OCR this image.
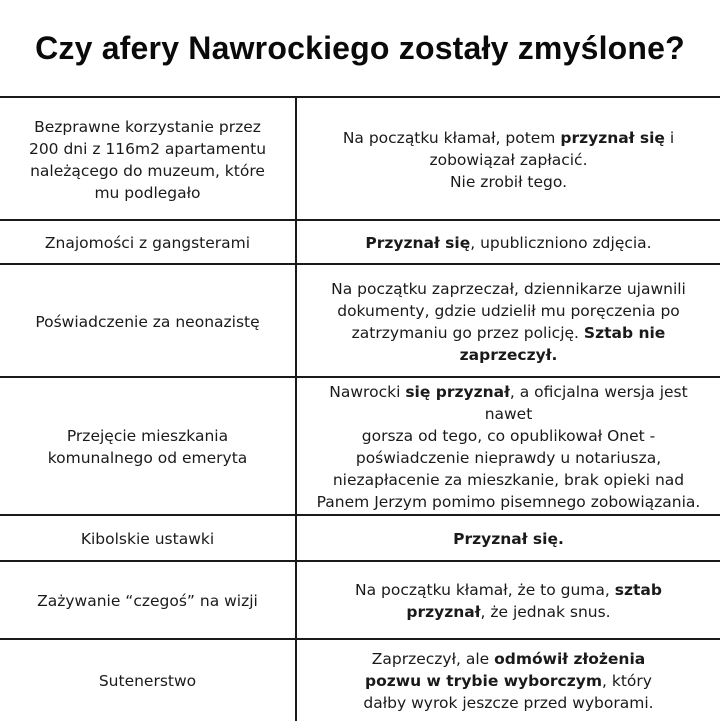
Czy afery Nawrockiego zostały zmyślone?
Bezprawne korzystanie przez
200 dni z 116m2 apartamentu
należącego do muzeum, które
mu podlegało
Na początku kłamał, potem przyznał się i
zobowiązał zapłacić.
Nie zrobił tego.
Znajomości z gangsterami	Przyznał się, upubliczniono zdjęcia.
Poświadczenie za neonazistę
Na początku zaprzeczał, dziennikarze ujawnili
dokumenty, gdzie udzielił mu poręczenia po
zatrzymaniu go przez policję. Sztab nie zaprzeczył.
Przejęcie mieszkania
komunalnego od emeryta
Nawrocki się przyznał, a oficjalna wersja jest nawet
gorsza od tego, co opublikował Onet -
poświadczenie nieprawdy u notariusza,
niezapłacenie za mieszkanie, brak opieki nad
Panem Jerzym pomimo pisemnego zobowiązania.
Kibolskie ustawki	Przyznał się.
Zażywanie “czegoś” na wizji
Na początku kłamał, że to guma, sztab
przyznał, że jednak snus.
Sutenerstwo
Zaprzeczył, ale odmówił złożenia
pozwu w trybie wyborczym, który
dałby wyrok jeszcze przed wyborami.
